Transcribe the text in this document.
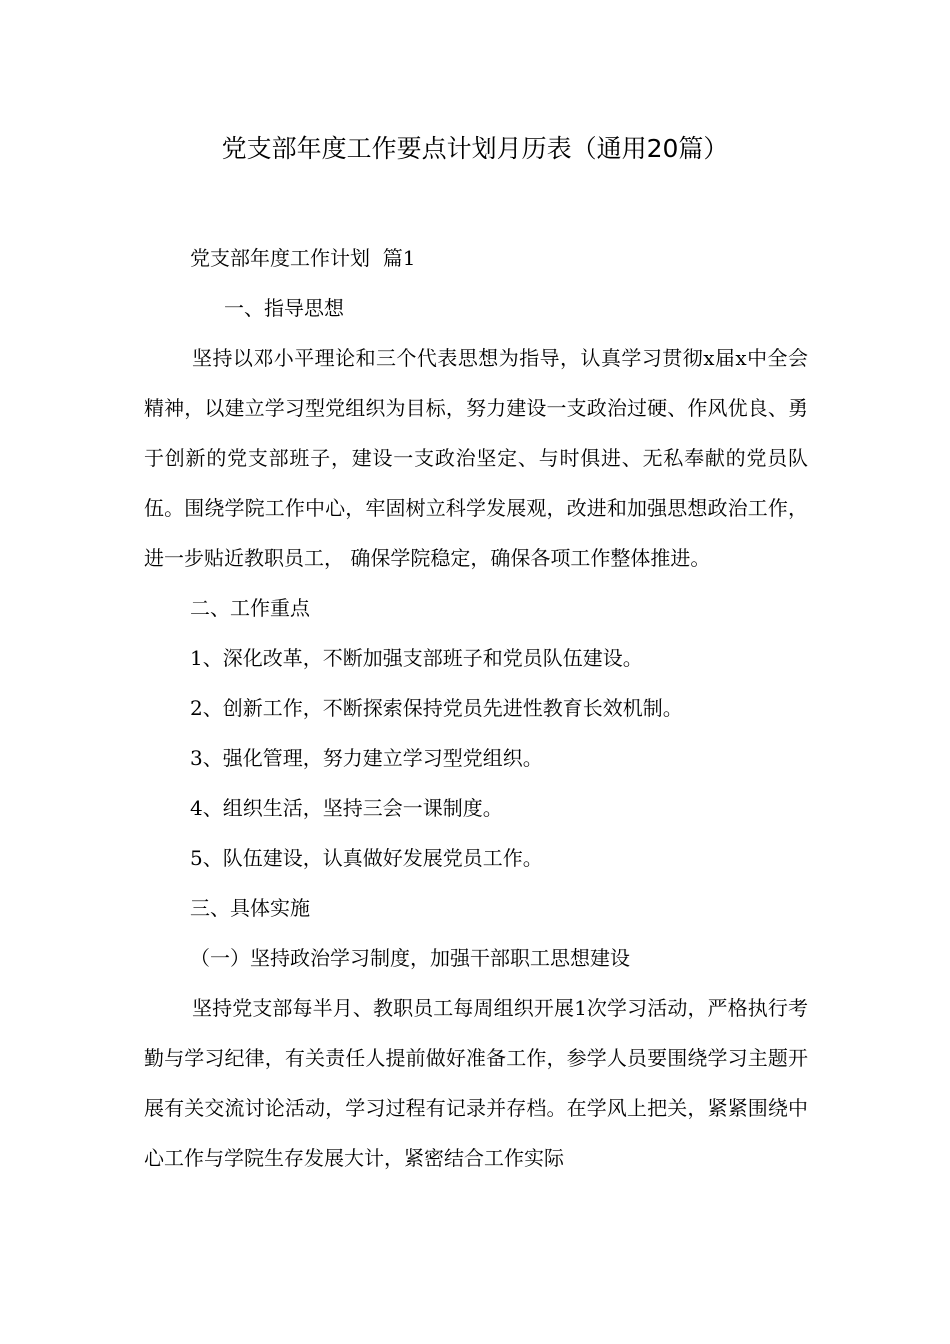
党支部年度工作要点计划月历表（通用20篇）

党支部年度工作计划  篇1

一、指导思想

坚持以邓小平理论和三个代表思想为指导，认真学习贯彻x届x中全会精神，以建立学习型党组织为目标，努力建设一支政治过硬、作风优良、勇于创新的党支部班子，建设一支政治坚定、与时俱进、无私奉献的党员队伍。围绕学院工作中心，牢固树立科学发展观，改进和加强思想政治工作，进一步贴近教职员工， 确保学院稳定，确保各项工作整体推进。

二、工作重点

1、深化改革，不断加强支部班子和党员队伍建设。

2、创新工作，不断探索保持党员先进性教育长效机制。

3、强化管理，努力建立学习型党组织。

4、组织生活，坚持三会一课制度。

5、队伍建设，认真做好发展党员工作。

三、具体实施

（一）坚持政治学习制度，加强干部职工思想建设

坚持党支部每半月、教职员工每周组织开展1次学习活动，严格执行考勤与学习纪律，有关责任人提前做好准备工作，参学人员要围绕学习主题开展有关交流讨论活动，学习过程有记录并存档。在学风上把关，紧紧围绕中心工作与学院生存发展大计，紧密结合工作实际
